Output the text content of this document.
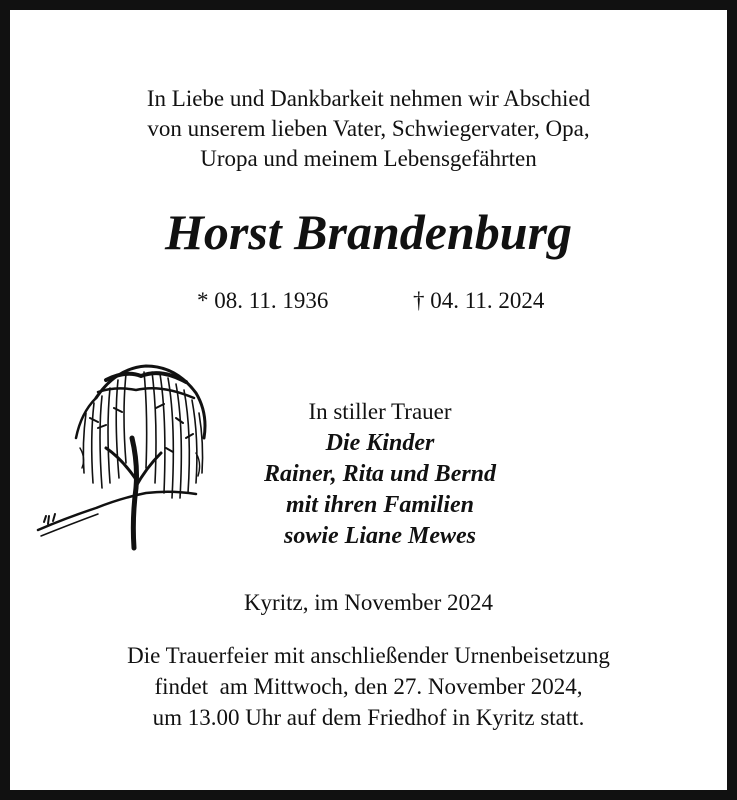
In Liebe und Dankbarkeit nehmen wir Abschied
von unserem lieben Vater, Schwiegervater, Opa,
Uropa und meinem Lebensgefährten
Horst Brandenburg
* 08. 11. 1936	† 04. 11. 2024
In stiller Trauer
Die Kinder
Rainer, Rita und Bernd
mit ihren Familien
sowie Liane Mewes
Kyritz, im November 2024
Die Trauerfeier mit anschließender Urnenbeisetzung
findet  am Mittwoch, den 27. November 2024,
um 13.00 Uhr auf dem Friedhof in Kyritz statt.
